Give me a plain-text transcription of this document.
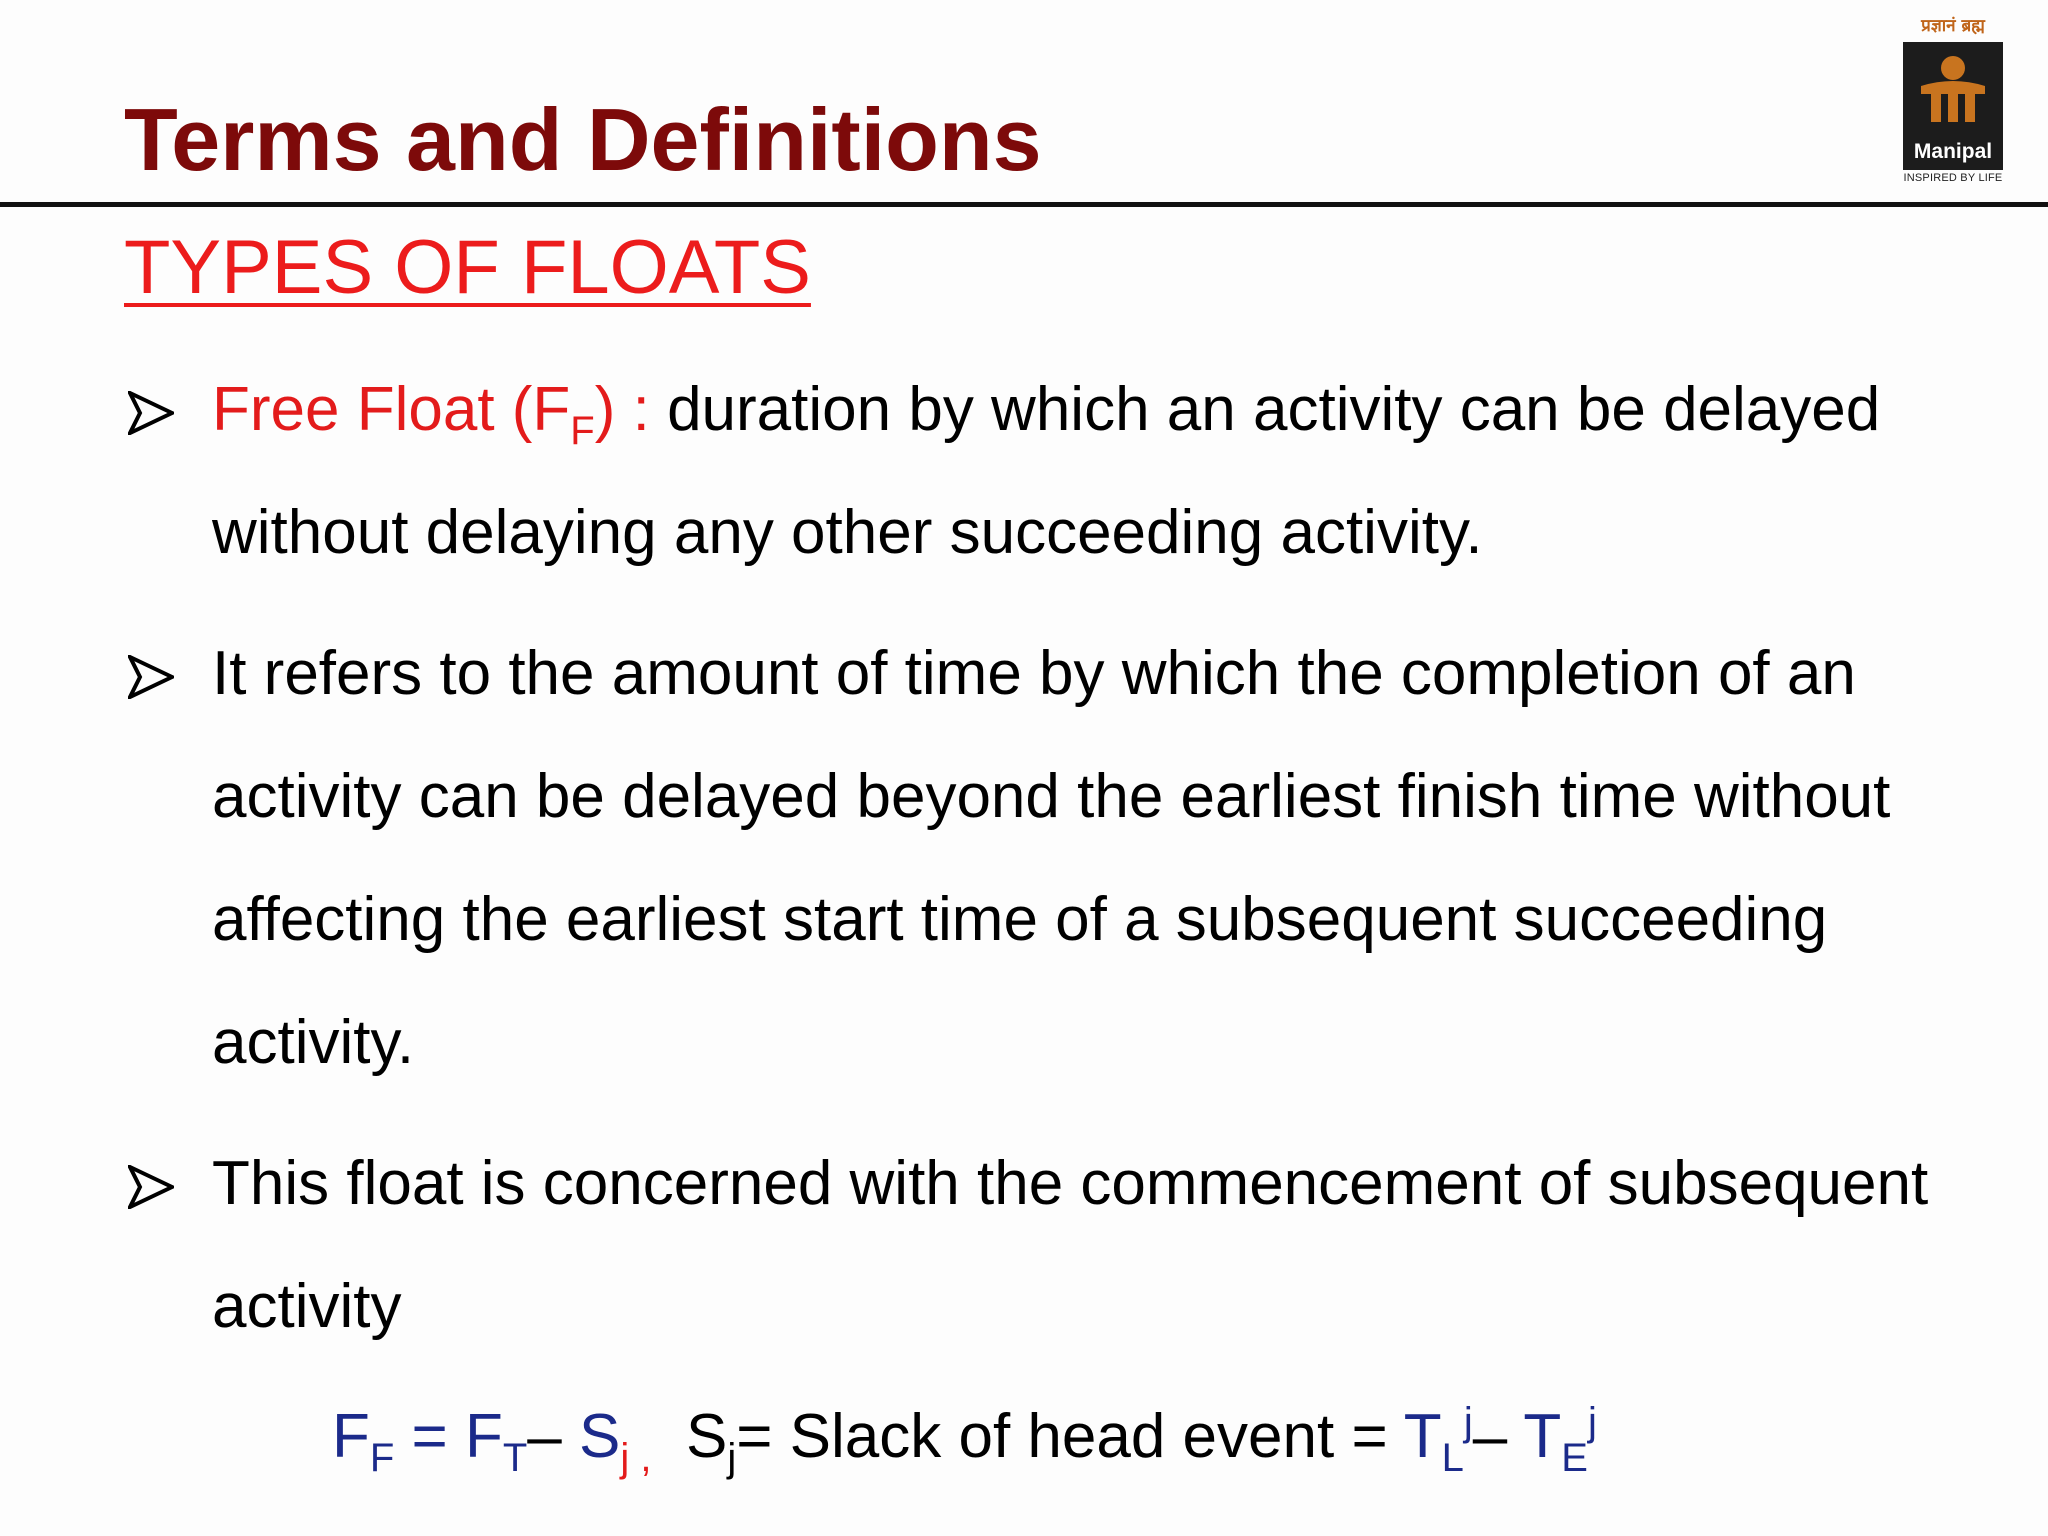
Terms and Definitions
प्रज्ञानं ब्रह्म
Manipal
INSPIRED BY LIFE
TYPES OF FLOATS
Free Float $(F_F)$ : duration by which an activity can be delayed without delaying any other succeeding activity.
It refers to the amount of time by which the completion of an activity can be delayed beyond the earliest finish time without affecting the earliest start time of a subsequent succeeding activity.
This float is concerned with the commencement of subsequent activity
$F_F = F_T-$ $S_{j ,}$ $S_j=$ Slack of head event = $T_L^j-$ $T_E^j$
